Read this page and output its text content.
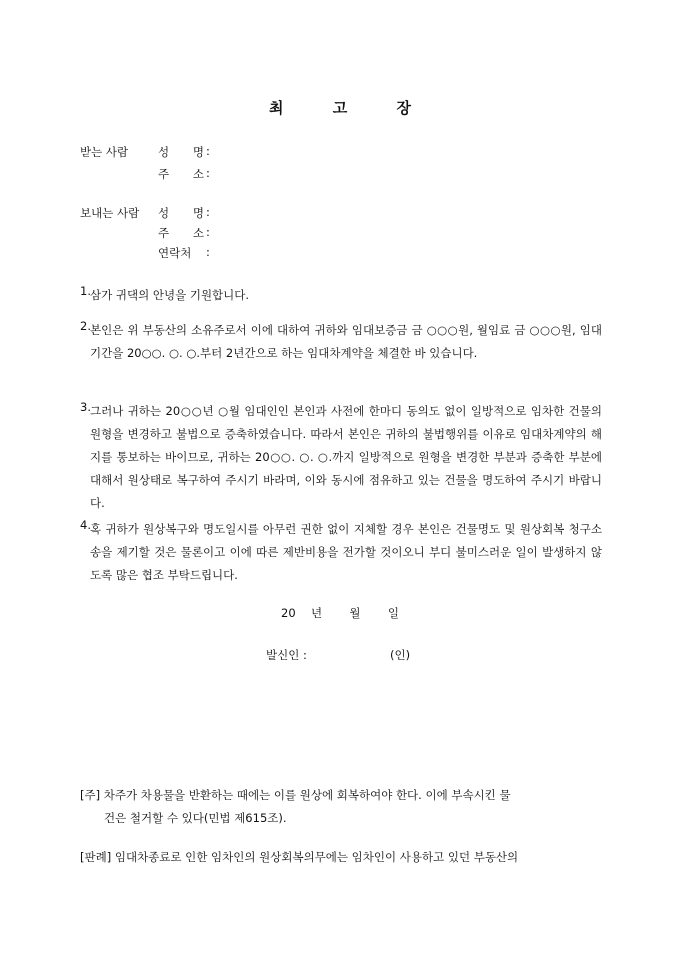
최 고 장
받는 사람	성 명 :
주 소 :
보내는 사람 성 명 :
주 소 :
연락처	:
1. 삼가 귀댁의 안녕을 기원합니다.
2. 본인은 위 부동산의 소유주로서 이에 대하여 귀하와 임대보증금 금 ○○○원, 월임료 금 ○○○원, 임대기간을 20○○. ○. ○.부터 2년간으로 하는 임대차계약을 체결한 바 있습니다.
3. 그러나 귀하는 20○○년 ○월 임대인인 본인과 사전에 한마디 동의도 없이 일방적으로 임차한 건물의 원형을 변경하고 불법으로 증축하였습니다. 따라서 본인은 귀하의 불법행위를 이유로 임대차계약의 해지를 통보하는 바이므로, 귀하는 20○○. ○. ○.까지 일방적으로 원형을 변경한 부분과 증축한 부분에 대해서 원상태로 복구하여 주시기 바라며, 이와 동시에 점유하고 있는 건물을 명도하여 주시기 바랍니다.
4. 혹 귀하가 원상복구와 명도일시를 아무런 권한 없이 지체할 경우 본인은 건물명도 및 원상회복 청구소송을 제기할 것은 물론이고 이에 따른 제반비용을 전가할 것이오니 부디 불미스러운 일이 발생하지 않도록 많은 협조 부탁드립니다.
20 년 월 일
발신인 :	(인)
[주] 차주가 차용물을 반환하는 때에는 이를 원상에 회복하여야 한다. 이에 부속시킨 물
건은 철거할 수 있다(민법 제615조).
[판례] 임대차종료로 인한 임차인의 원상회복의무에는 임차인이 사용하고 있던 부동산의
